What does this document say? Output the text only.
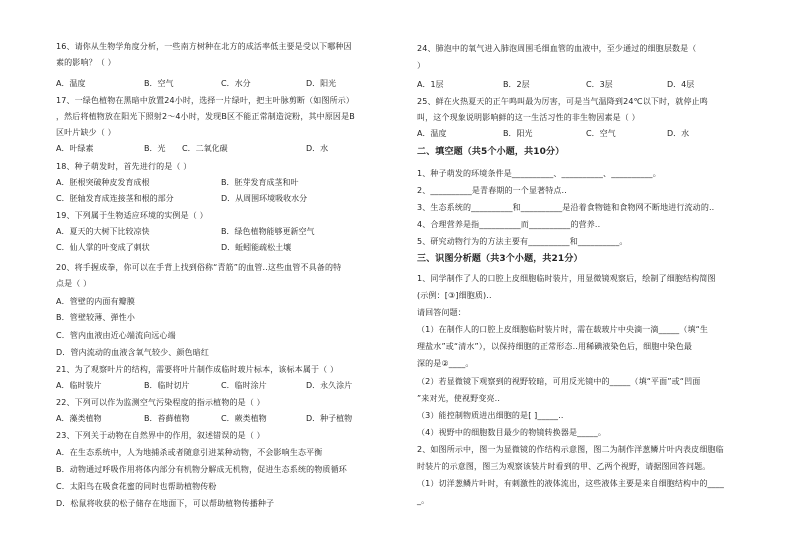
16、请你从生物学角度分析，一些南方树种在北方的成活率低主要是受以下哪种因
素的影响？（ ）
A．温度	B．空气	C．水分	D．阳光
17、一绿色植物在黑暗中放置24小时，选择一片绿叶，把主叶脉剪断（如图所示）
，然后将植物放在阳光下照射2～4小时，发现B区不能正常制造淀粉，其中原因是B
区叶片缺少（ ）
A．叶绿素	B．光 C．二氧化碳	D．水
18、种子萌发时，首先进行的是（ ）
A．胚根突破种皮发育成根	B．胚芽发育成茎和叶
C．胚轴发育成连接茎和根的部分	D．从周围环境吸收水分
19、下列属于生物适应环境的实例是（ ）
A．夏天的大树下比较凉快	B．绿色植物能够更新空气
C．仙人掌的叶变成了刺状	D．蚯蚓能疏松土壤
20、将手握成拳，你可以在手背上找到俗称“青筋”的血管..这些血管不具备的特
点是（ ）
A．管壁的内面有瓣膜
B．管壁较薄、弹性小
C．管内血液由近心端流向远心端
D．管内流动的血液含氧气较少、颜色暗红
21、为了观察叶片的结构，需要将叶片制作成临时玻片标本，该标本属于（ ）
A．临时装片	B．临时切片	C．临时涂片	D．永久涂片
22、下列可以作为监测空气污染程度的指示植物的是（ ）
A．藻类植物	B．苔藓植物	C．蕨类植物	D．种子植物
23、下列关于动物在自然界中的作用，叙述错误的是（ ）
A．在生态系统中，人为地捕杀或者随意引进某种动物，不会影响生态平衡
B．动物通过呼吸作用将体内部分有机物分解成无机物，促进生态系统的物质循环
C．太阳鸟在吸食花蜜的同时也帮助植物传粉
D．松鼠将收获的松子储存在地面下，可以帮助植物传播种子
24、肺泡中的氧气进入肺泡周围毛细血管的血液中，至少通过的细胞层数是（
）
A．1层	B．2层	C．3层	D．4层
25、鲜在火热夏天的正午鸣叫最为厉害，可是当气温降到24℃以下时，就停止鸣
叫，这个现象说明影响鲜的这一生活习性的非生物因素是（ ）
A．温度	B．阳光	C．空气	D．水
二、填空题（共5个小题，共10分）
1、种子萌发的环境条件是__________、__________、__________。
2、__________是青春期的一个显著特点..
3、生态系统的__________和__________是沿着食物链和食物网不断地进行流动的..
4、合理营养是指__________而__________的营养..
5、研究动物行为的方法主要有__________和__________。
三、识图分析题（共3个小题，共21分）
1、同学制作了人的口腔上皮细胞临时装片，用显微镜观察后，绘制了细胞结构简图
(示例：[③]细胞质)..
请回答问题：
（1）在制作人的口腔上皮细胞临时装片时，需在载玻片中央滴一滴_____（填“生
理盐水”或“清水”），以保持细胞的正常形态..用稀碘液染色后，细胞中染色最
深的是②____。
（2）若显微镜下观察到的视野较暗，可用反光镜中的_____（填“平面”或“凹面
”来对光，使视野变亮..
（3）能控制物质进出细胞的是[ ]_____..
（4）视野中的细胞数目最少的物镜转换器是_____。
2、如图所示中，图一为显微镜的作结构示意图，图二为制作洋葱鳞片叶内表皮细胞临
时装片的示意图，图三为观察该装片时看到的甲、乙两个视野，请据图回答问题。
（1）切洋葱鳞片叶时，有刺激性的液体流出，这些液体主要是来自细胞结构中的____
_。
